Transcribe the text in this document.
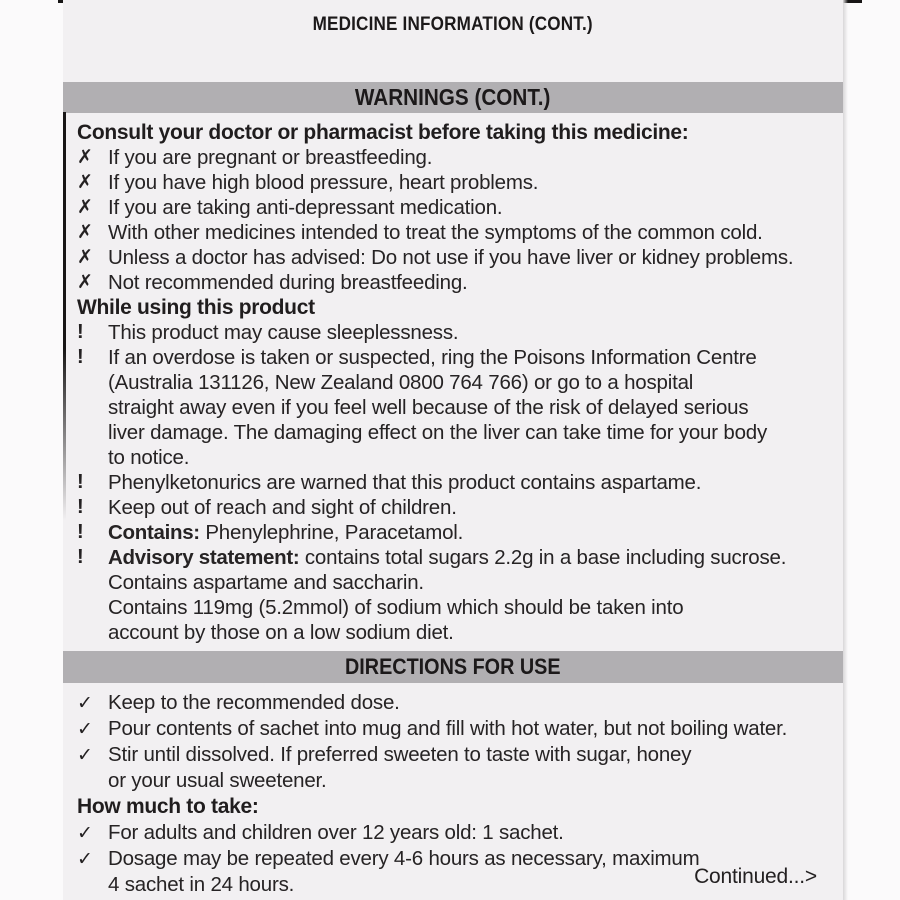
MEDICINE INFORMATION (CONT.)
WARNINGS (CONT.)
Consult your doctor or pharmacist before taking this medicine:
✗ If you are pregnant or breastfeeding.
✗ If you have high blood pressure, heart problems.
✗ If you are taking anti-depressant medication.
✗ With other medicines intended to treat the symptoms of the common cold.
✗ Unless a doctor has advised: Do not use if you have liver or kidney problems.
✗ Not recommended during breastfeeding.
While using this product
!	This product may cause sleeplessness.
!	If an overdose is taken or suspected, ring the Poisons Information Centre
(Australia 131126, New Zealand 0800 764 766) or go to a hospital
straight away even if you feel well because of the risk of delayed serious
liver damage. The damaging effect on the liver can take time for your body
to notice.
!	Phenylketonurics are warned that this product contains aspartame.
!	Keep out of reach and sight of children.
!	Contains: Phenylephrine, Paracetamol.
!	Advisory statement: contains total sugars 2.2g in a base including sucrose.
Contains aspartame and saccharin.
Contains 119mg (5.2mmol) of sodium which should be taken into
account by those on a low sodium diet.
DIRECTIONS FOR USE
✓ Keep to the recommended dose.
✓ Pour contents of sachet into mug and fill with hot water, but not boiling water.
✓ Stir until dissolved. If preferred sweeten to taste with sugar, honey
or your usual sweetener.
How much to take:
✓ For adults and children over 12 years old: 1 sachet.
✓ Dosage may be repeated every 4-6 hours as necessary, maximum
4 sachet in 24 hours.	Continued...>
